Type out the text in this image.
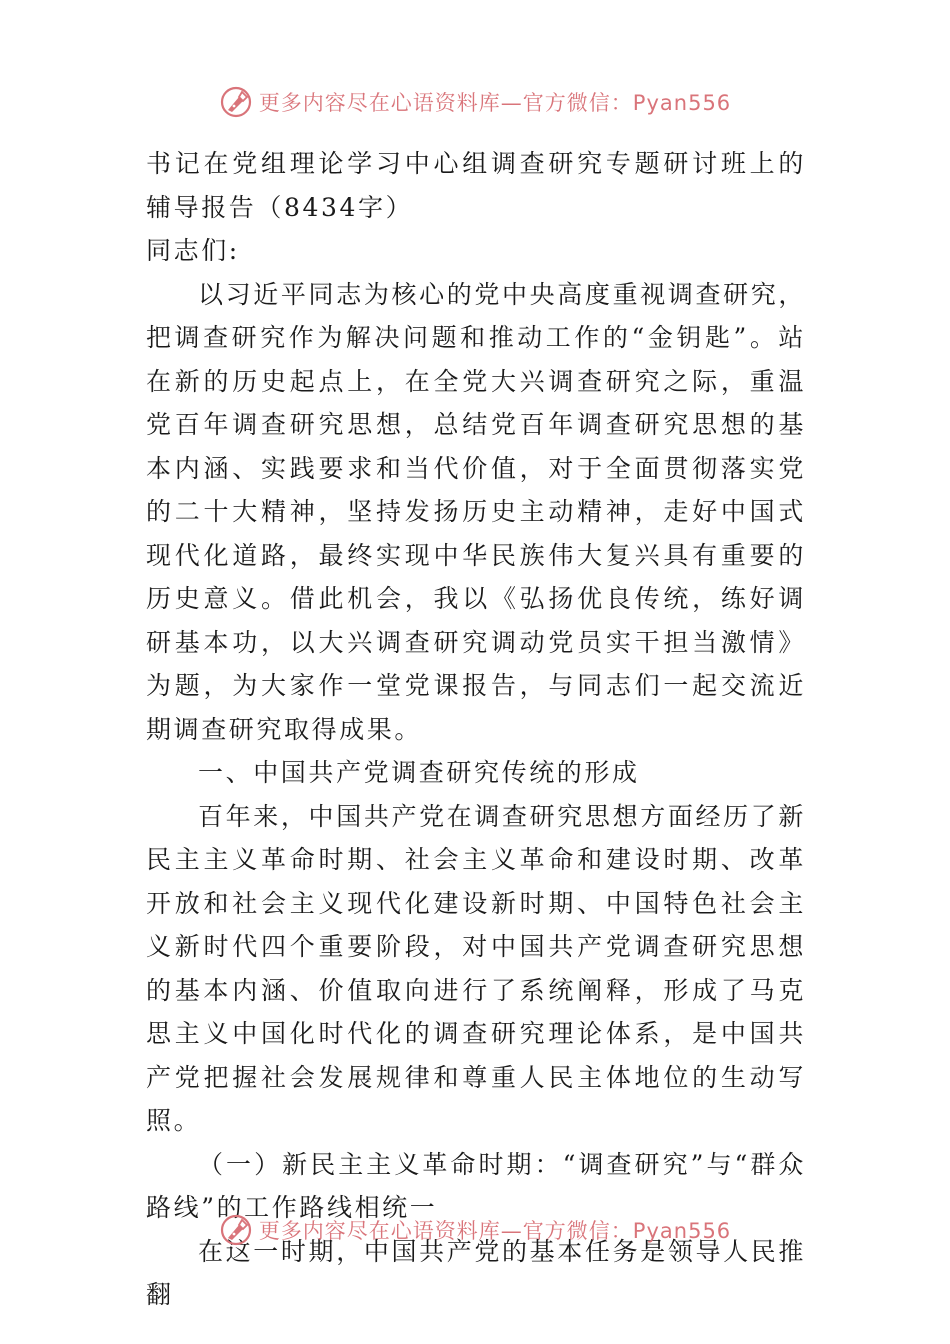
更多内容尽在心语资料库—官方微信：Pyan556

书记在党组理论学习中心组调查研究专题研讨班上的辅导报告（8434字）

同志们:

以习近平同志为核心的党中央高度重视调查研究，把调查研究作为解决问题和推动工作的“金钥匙”。站在新的历史起点上，在全党大兴调查研究之际，重温党百年调查研究思想，总结党百年调查研究思想的基本内涵、实践要求和当代价值，对于全面贯彻落实党的二十大精神，坚持发扬历史主动精神，走好中国式现代化道路，最终实现中华民族伟大复兴具有重要的历史意义。借此机会，我以《弘扬优良传统，练好调研基本功，以大兴调查研究调动党员实干担当激情》为题，为大家作一堂党课报告，与同志们一起交流近期调查研究取得成果。

一、中国共产党调查研究传统的形成

百年来，中国共产党在调查研究思想方面经历了新民主主义革命时期、社会主义革命和建设时期、改革开放和社会主义现代化建设新时期、中国特色社会主义新时代四个重要阶段，对中国共产党调查研究思想的基本内涵、价值取向进行了系统阐释，形成了马克思主义中国化时代化的调查研究理论体系，是中国共产党把握社会发展规律和尊重人民主体地位的生动写照。

（一）新民主主义革命时期：“调查研究”与“群众路线”的工作路线相统一

在这一时期，中国共产党的基本任务是领导人民推翻

更多内容尽在心语资料库—官方微信：Pyan556
